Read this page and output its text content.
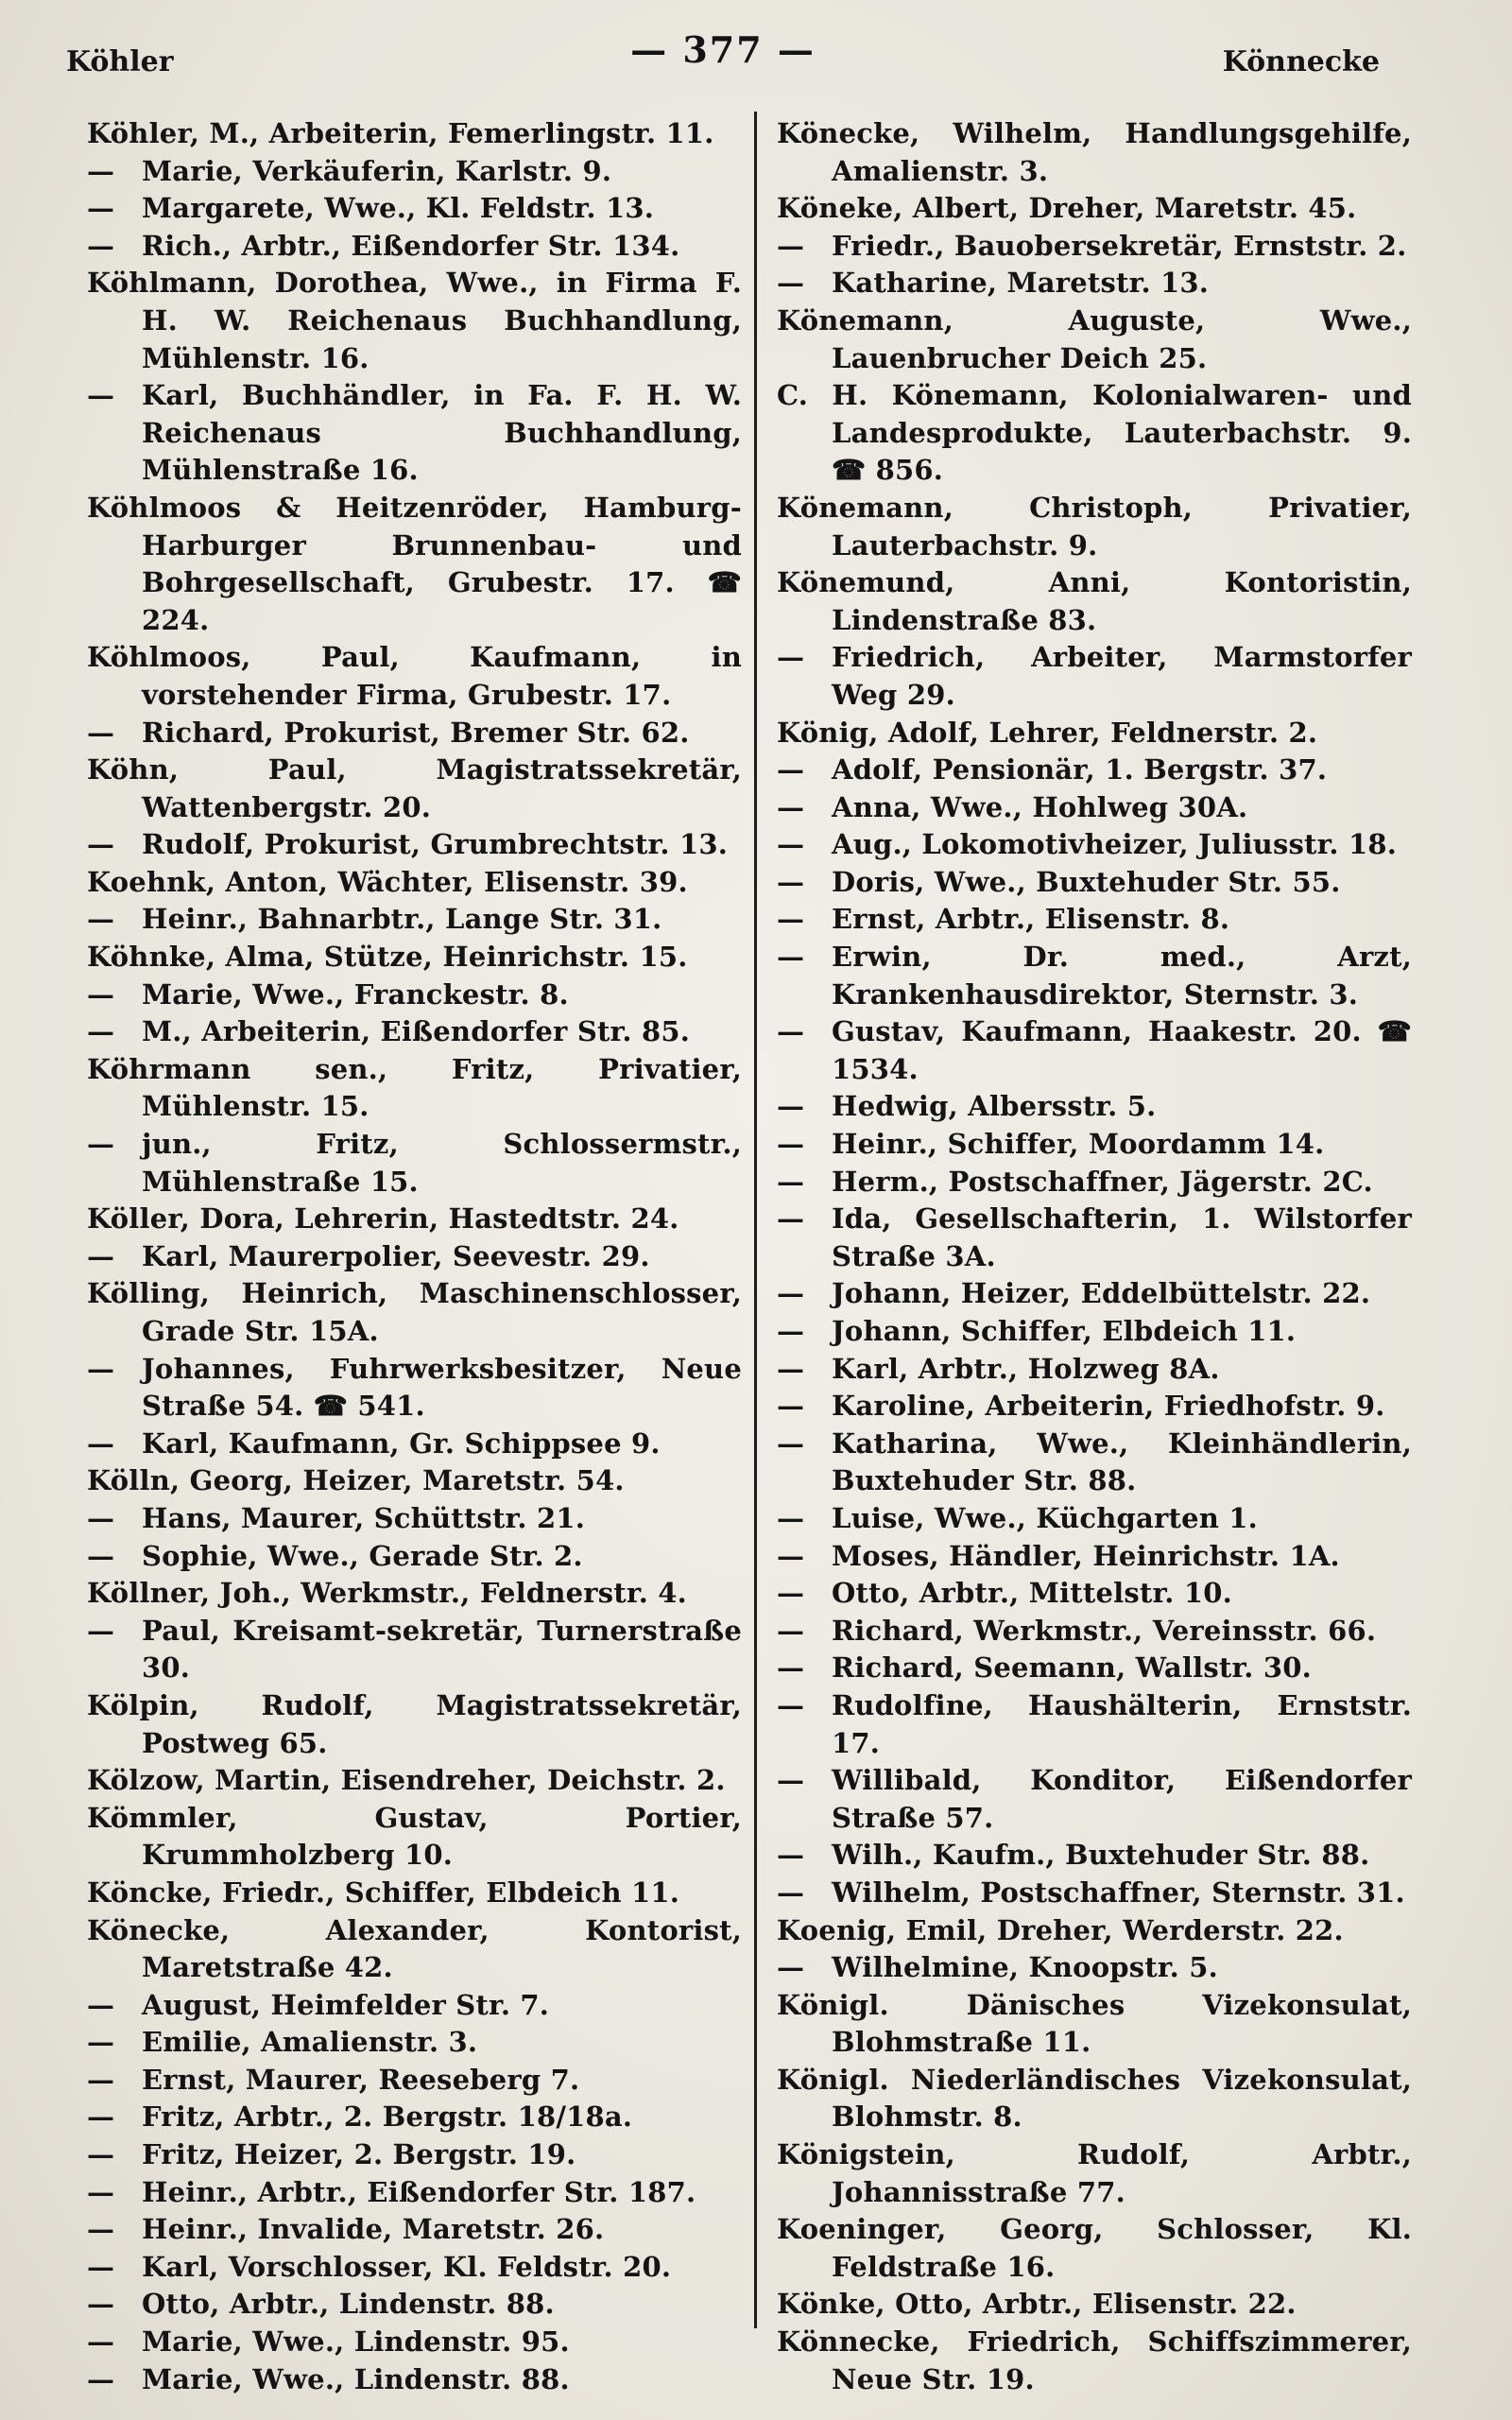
Köhler	— 377 —	Könnecke

Köhler, M., Arbeiterin, Femerlingstr. 11.

— Marie, Verkäuferin, Karlstr. 9.

— Margarete, Wwe., Kl. Feldstr. 13.

— Rich., Arbtr., Eißendorfer Str. 134.

Köhlmann, Dorothea, Wwe., in Firma F. H. W. Reichenaus Buchhandlung, Mühlenstr. 16.

— Karl, Buchhändler, in Fa. F. H. W. Reichenaus Buchhandlung, Mühlenstraße 16.

Köhlmoos & Heitzenröder, Hamburg-Harburger Brunnenbau- und Bohrgesellschaft, Grubestr. 17. ☎ 224.

Köhlmoos, Paul, Kaufmann, in vorstehender Firma, Grubestr. 17.

— Richard, Prokurist, Bremer Str. 62.

Köhn, Paul, Magistratssekretär, Wattenbergstr. 20.

— Rudolf, Prokurist, Grumbrechtstr. 13.

Koehnk, Anton, Wächter, Elisenstr. 39.

— Heinr., Bahnarbtr., Lange Str. 31.

Köhnke, Alma, Stütze, Heinrichstr. 15.

— Marie, Wwe., Franckestr. 8.

— M., Arbeiterin, Eißendorfer Str. 85.

Köhrmann sen., Fritz, Privatier, Mühlenstr. 15.

— jun., Fritz, Schlossermstr., Mühlenstraße 15.

Köller, Dora, Lehrerin, Hastedtstr. 24.

— Karl, Maurerpolier, Seevestr. 29.

Kölling, Heinrich, Maschinenschlosser, Grade Str. 15A.

— Johannes, Fuhrwerksbesitzer, Neue Straße 54. ☎ 541.

— Karl, Kaufmann, Gr. Schippsee 9.

Kölln, Georg, Heizer, Maretstr. 54.

— Hans, Maurer, Schüttstr. 21.

— Sophie, Wwe., Gerade Str. 2.

Köllner, Joh., Werkmstr., Feldnerstr. 4.

— Paul, Kreisamt-sekretär, Turnerstraße 30.

Kölpin, Rudolf, Magistratssekretär, Postweg 65.

Kölzow, Martin, Eisendreher, Deichstr. 2.

Kömmler, Gustav, Portier, Krummholzberg 10.

Köncke, Friedr., Schiffer, Elbdeich 11.

Könecke, Alexander, Kontorist, Maretstraße 42.

— August, Heimfelder Str. 7.

— Emilie, Amalienstr. 3.

— Ernst, Maurer, Reeseberg 7.

— Fritz, Arbtr., 2. Bergstr. 18/18a.

— Fritz, Heizer, 2. Bergstr. 19.

— Heinr., Arbtr., Eißendorfer Str. 187.

— Heinr., Invalide, Maretstr. 26.

— Karl, Vorschlosser, Kl. Feldstr. 20.

— Otto, Arbtr., Lindenstr. 88.

— Marie, Wwe., Lindenstr. 95.

— Marie, Wwe., Lindenstr. 88.

Könecke, Wilhelm, Handlungsgehilfe, Amalienstr. 3.

Köneke, Albert, Dreher, Maretstr. 45.

— Friedr., Bauobersekretär, Ernststr. 2.

— Katharine, Maretstr. 13.

Könemann, Auguste, Wwe., Lauenbrucher Deich 25.

C. H. Könemann, Kolonialwaren- und Landesprodukte, Lauterbachstr. 9. ☎ 856.

Könemann, Christoph, Privatier, Lauterbachstr. 9.

Könemund, Anni, Kontoristin, Lindenstraße 83.

— Friedrich, Arbeiter, Marmstorfer Weg 29.

König, Adolf, Lehrer, Feldnerstr. 2.

— Adolf, Pensionär, 1. Bergstr. 37.

— Anna, Wwe., Hohlweg 30A.

— Aug., Lokomotivheizer, Juliusstr. 18.

— Doris, Wwe., Buxtehuder Str. 55.

— Ernst, Arbtr., Elisenstr. 8.

— Erwin, Dr. med., Arzt, Krankenhausdirektor, Sternstr. 3.

— Gustav, Kaufmann, Haakestr. 20. ☎ 1534.

— Hedwig, Albersstr. 5.

— Heinr., Schiffer, Moordamm 14.

— Herm., Postschaffner, Jägerstr. 2C.

— Ida, Gesellschafterin, 1. Wilstorfer Straße 3A.

— Johann, Heizer, Eddelbüttelstr. 22.

— Johann, Schiffer, Elbdeich 11.

— Karl, Arbtr., Holzweg 8A.

— Karoline, Arbeiterin, Friedhofstr. 9.

— Katharina, Wwe., Kleinhändlerin, Buxtehuder Str. 88.

— Luise, Wwe., Küchgarten 1.

— Moses, Händler, Heinrichstr. 1A.

— Otto, Arbtr., Mittelstr. 10.

— Richard, Werkmstr., Vereinsstr. 66.

— Richard, Seemann, Wallstr. 30.

— Rudolfine, Haushälterin, Ernststr. 17.

— Willibald, Konditor, Eißendorfer Straße 57.

— Wilh., Kaufm., Buxtehuder Str. 88.

— Wilhelm, Postschaffner, Sternstr. 31.

Koenig, Emil, Dreher, Werderstr. 22.

— Wilhelmine, Knoopstr. 5.

Königl. Dänisches Vizekonsulat, Blohmstraße 11.

Königl. Niederländisches Vizekonsulat, Blohmstr. 8.

Königstein, Rudolf, Arbtr., Johannisstraße 77.

Koeninger, Georg, Schlosser, Kl. Feldstraße 16.

Könke, Otto, Arbtr., Elisenstr. 22.

Könnecke, Friedrich, Schiffszimmerer, Neue Str. 19.
